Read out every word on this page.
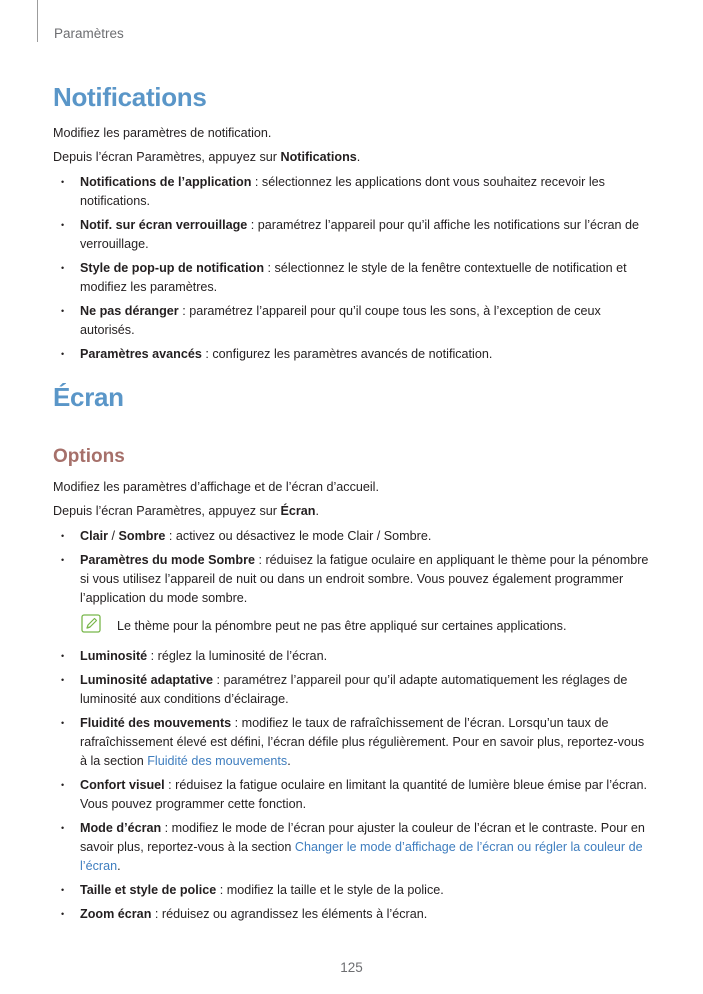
Paramètres
Notifications
Modifiez les paramètres de notification.
Depuis l’écran Paramètres, appuyez sur Notifications.
• Notifications de l’application : sélectionnez les applications dont vous souhaitez recevoir les notifications.
• Notif. sur écran verrouillage : paramétrez l’appareil pour qu’il affiche les notifications sur l’écran de verrouillage.
• Style de pop-up de notification : sélectionnez le style de la fenêtre contextuelle de notification et modifiez les paramètres.
• Ne pas déranger : paramétrez l’appareil pour qu’il coupe tous les sons, à l’exception de ceux autorisés.
• Paramètres avancés : configurez les paramètres avancés de notification.
Écran
Options
Modifiez les paramètres d’affichage et de l’écran d’accueil.
Depuis l’écran Paramètres, appuyez sur Écran.
• Clair / Sombre : activez ou désactivez le mode Clair / Sombre.
• Paramètres du mode Sombre : réduisez la fatigue oculaire en appliquant le thème pour la pénombre si vous utilisez l’appareil de nuit ou dans un endroit sombre. Vous pouvez également programmer l’application du mode sombre.
Le thème pour la pénombre peut ne pas être appliqué sur certaines applications.
• Luminosité : réglez la luminosité de l’écran.
• Luminosité adaptative : paramétrez l’appareil pour qu’il adapte automatiquement les réglages de luminosité aux conditions d’éclairage.
• Fluidité des mouvements : modifiez le taux de rafraîchissement de l’écran. Lorsqu’un taux de rafraîchissement élevé est défini, l’écran défile plus régulièrement. Pour en savoir plus, reportez-vous à la section Fluidité des mouvements.
• Confort visuel : réduisez la fatigue oculaire en limitant la quantité de lumière bleue émise par l’écran. Vous pouvez programmer cette fonction.
• Mode d’écran : modifiez le mode de l’écran pour ajuster la couleur de l’écran et le contraste. Pour en savoir plus, reportez-vous à la section Changer le mode d’affichage de l’écran ou régler la couleur de l’écran.
• Taille et style de police : modifiez la taille et le style de la police.
• Zoom écran : réduisez ou agrandissez les éléments à l’écran.
125
